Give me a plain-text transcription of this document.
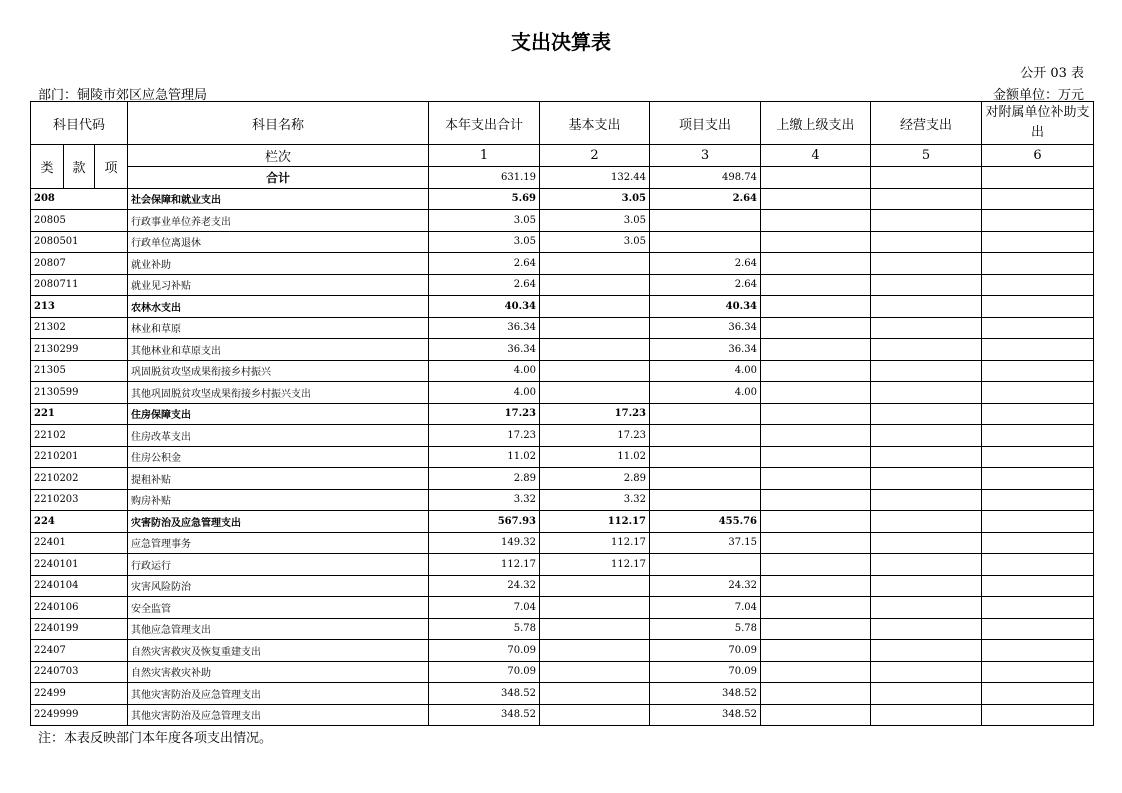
支出决算表
公开 03 表
部门：铜陵市郊区应急管理局	金额单位：万元
科目代码			科目名称	本年支出合计	基本支出	项目支出	上缴上级支出	经营支出	对附属单位补助支出
类	款	项	栏次	1	2	3	4	5	6
			合计	631.19	132.44	498.74			
208			社会保障和就业支出	5.69	3.05	2.64			
20805			行政事业单位养老支出	3.05	3.05				
2080501			行政单位离退休	3.05	3.05				
20807			就业补助	2.64		2.64			
2080711			就业见习补贴	2.64		2.64			
213			农林水支出	40.34		40.34			
21302			林业和草原	36.34		36.34			
2130299			其他林业和草原支出	36.34		36.34			
21305			巩固脱贫攻坚成果衔接乡村振兴	4.00		4.00			
2130599			其他巩固脱贫攻坚成果衔接乡村振兴支出	4.00		4.00			
221			住房保障支出	17.23	17.23				
22102			住房改革支出	17.23	17.23				
2210201			住房公积金	11.02	11.02				
2210202			提租补贴	2.89	2.89				
2210203			购房补贴	3.32	3.32				
224			灾害防治及应急管理支出	567.93	112.17	455.76			
22401			应急管理事务	149.32	112.17	37.15			
2240101			行政运行	112.17	112.17				
2240104			灾害风险防治	24.32		24.32			
2240106			安全监管	7.04		7.04			
2240199			其他应急管理支出	5.78		5.78			
22407			自然灾害救灾及恢复重建支出	70.09		70.09			
2240703			自然灾害救灾补助	70.09		70.09			
22499			其他灾害防治及应急管理支出	348.52		348.52			
2249999			其他灾害防治及应急管理支出	348.52		348.52			
注：本表反映部门本年度各项支出情况。
